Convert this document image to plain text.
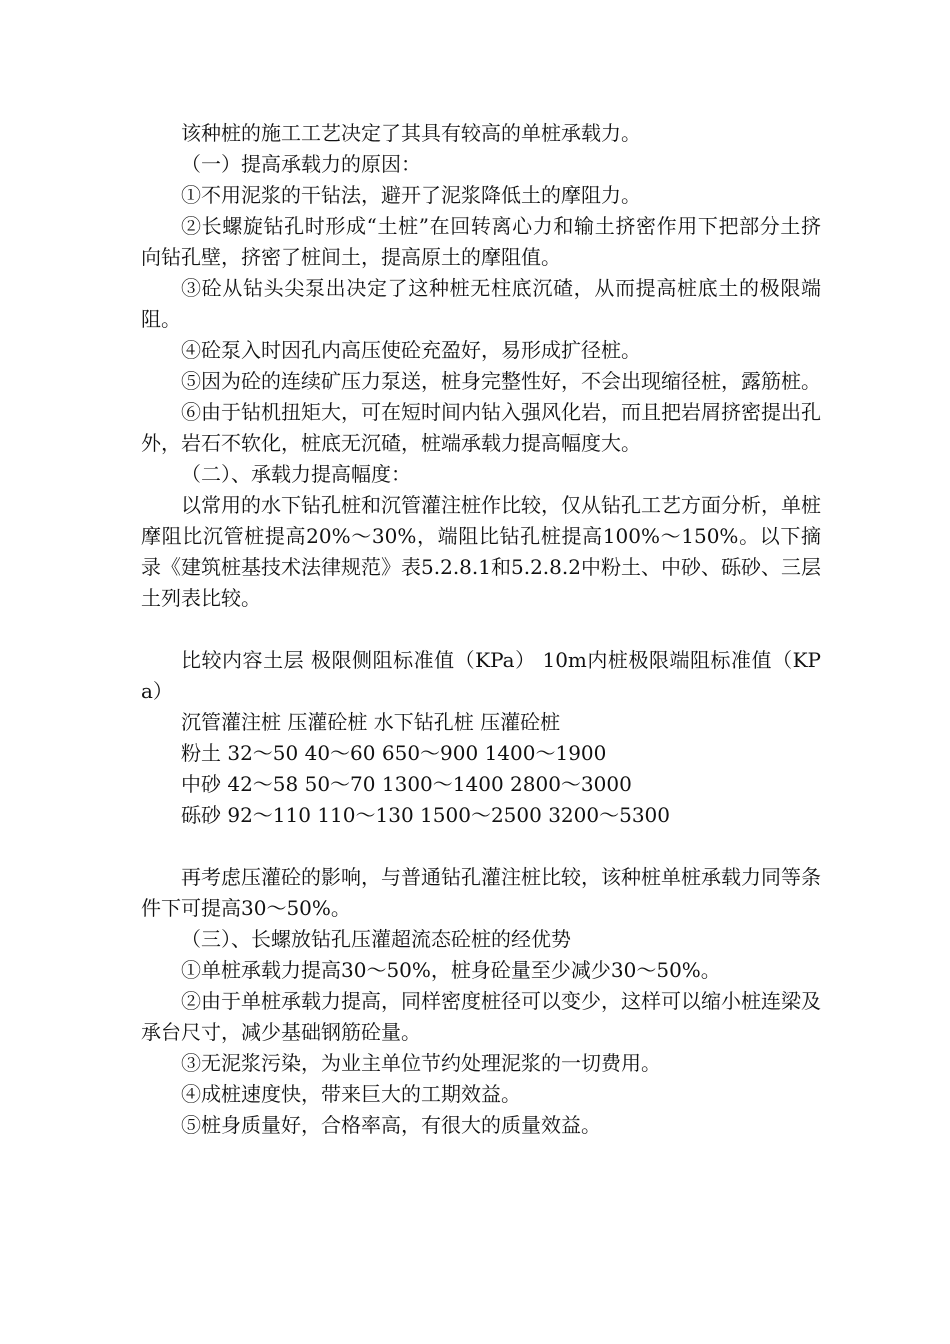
该种桩的施工工艺决定了其具有较高的单桩承载力。

（一）提高承载力的原因：

①不用泥浆的干钻法，避开了泥浆降低土的摩阻力。

②长螺旋钻孔时形成“土桩”在回转离心力和输土挤密作用下把部分土挤向钻孔壁，挤密了桩间土，提高原土的摩阻值。

③砼从钻头尖泵出决定了这种桩无柱底沉碴，从而提高桩底土的极限端阻。

④砼泵入时因孔内高压使砼充盈好，易形成扩径桩。

⑤因为砼的连续矿压力泵送，桩身完整性好，不会出现缩径桩，露筋桩。

⑥由于钻机扭矩大，可在短时间内钻入强风化岩，而且把岩屑挤密提出孔外，岩石不软化，桩底无沉碴，桩端承载力提高幅度大。

（二）、承载力提高幅度：

以常用的水下钻孔桩和沉管灌注桩作比较，仅从钻孔工艺方面分析，单桩摩阻比沉管桩提高20%～30%，端阻比钻孔桩提高100%～150%。以下摘录《建筑桩基技术法律规范》表5.2.8.1和5.2.8.2中粉土、中砂、砾砂、三层土列表比较。

比较内容土层 极限侧阻标准值（KPa） 10m内桩极限端阻标准值（KPa）

沉管灌注桩 压灌砼桩 水下钻孔桩 压灌砼桩

粉土 32～50 40～60 650～900 1400～1900

中砂 42～58 50～70 1300～1400 2800～3000

砾砂 92～110 110～130 1500～2500 3200～5300

再考虑压灌砼的影响，与普通钻孔灌注桩比较，该种桩单桩承载力同等条件下可提高30～50%。

（三）、长螺放钻孔压灌超流态砼桩的经优势

①单桩承载力提高30～50%，桩身砼量至少减少30～50%。

②由于单桩承载力提高，同样密度桩径可以变少，这样可以缩小桩连梁及承台尺寸，减少基础钢筋砼量。

③无泥浆污染，为业主单位节约处理泥浆的一切费用。

④成桩速度快，带来巨大的工期效益。

⑤桩身质量好，合格率高，有很大的质量效益。
